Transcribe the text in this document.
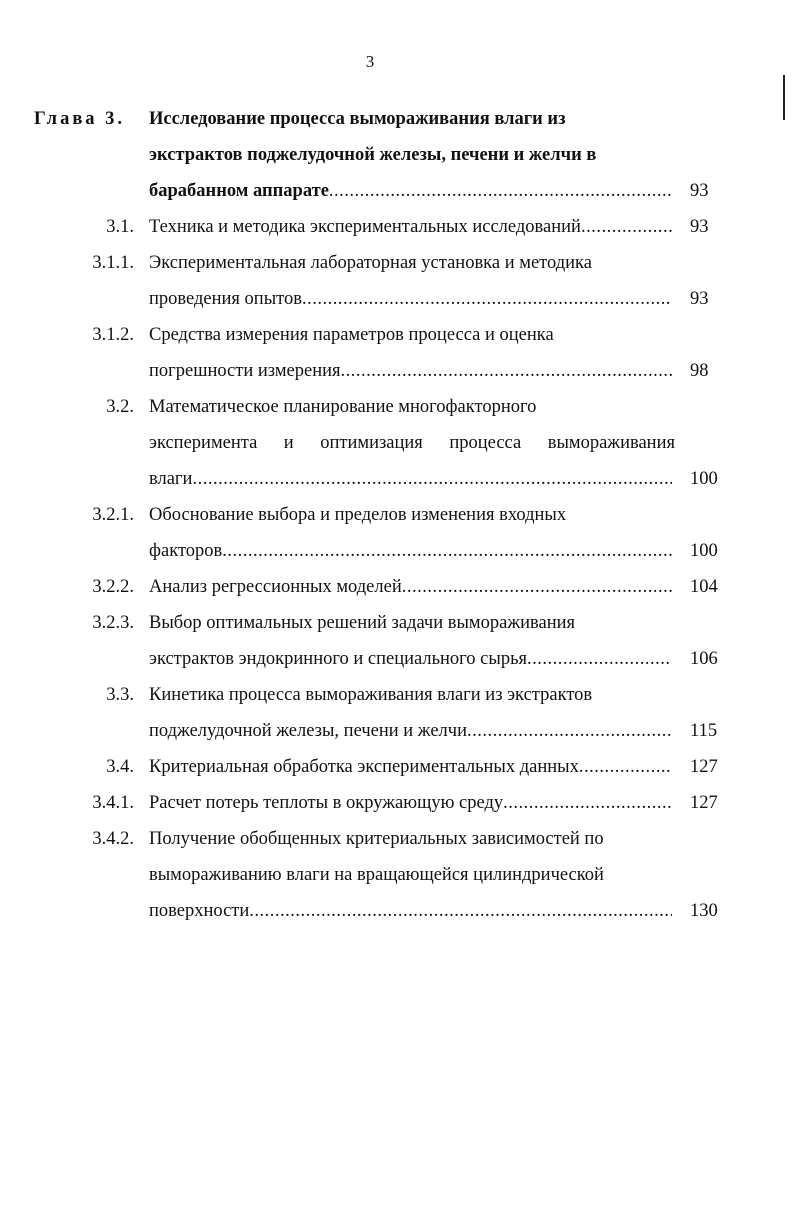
3
Глава 3. Исследование процесса вымораживания влаги из
экстрактов поджелудочной железы, печени и желчи в
барабанном аппарате .....	93
3.1. Техника и методика экспериментальных исследований .....	93
3.1.1. Экспериментальная лабораторная установка и методика
проведения опытов .....	93
3.1.2. Средства измерения параметров процесса и оценка
погрешности измерения .....	98
3.2. Математическое планирование многофакторного
эксперимента и оптимизация процесса вымораживания
влаги .....	100
3.2.1. Обоснование выбора и пределов изменения входных
факторов .....	100
3.2.2. Анализ регрессионных моделей .....	104
3.2.3. Выбор оптимальных решений задачи вымораживания
экстрактов эндокринного и специального сырья .....	106
3.3. Кинетика процесса вымораживания влаги из экстрактов
поджелудочной железы, печени и желчи .....	115
3.4. Критериальная обработка экспериментальных данных .....	127
3.4.1. Расчет потерь теплоты в окружающую среду .....	127
3.4.2. Получение обобщенных критериальных зависимостей по
вымораживанию влаги на вращающейся цилиндрической
поверхности .....	130
